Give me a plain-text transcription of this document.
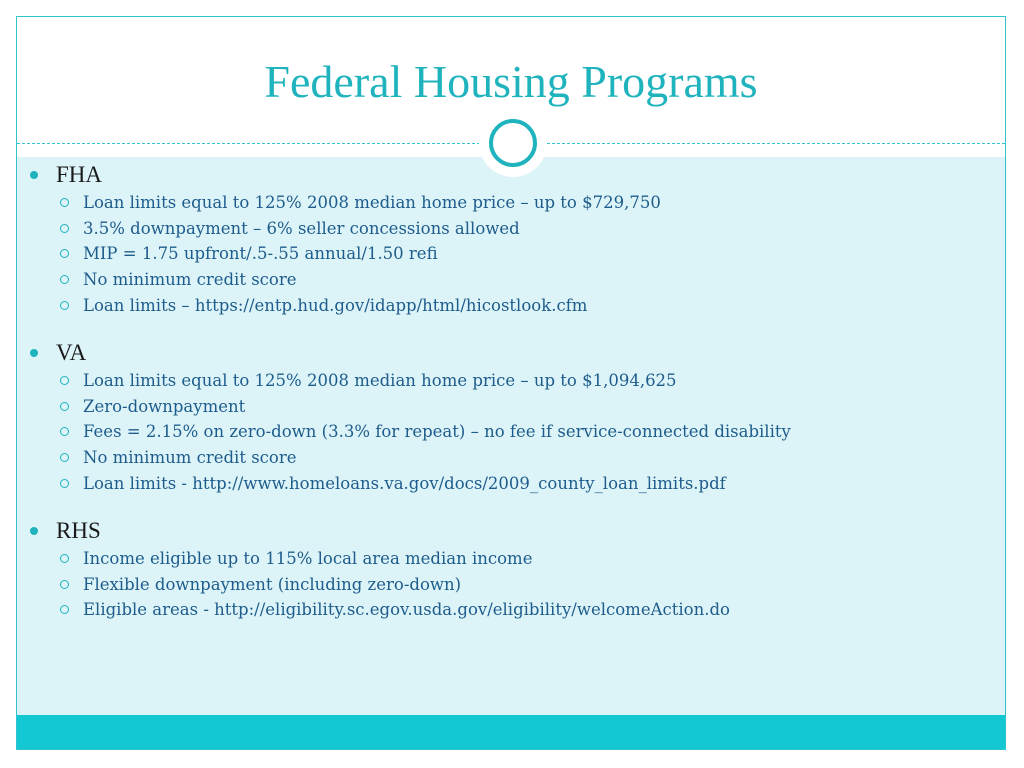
Federal Housing Programs
FHA
Loan limits equal to 125% 2008 median home price – up to $729,750
3.5% downpayment – 6% seller concessions allowed
MIP = 1.75 upfront/.5-.55 annual/1.50 refi
No minimum credit score
Loan limits – https://entp.hud.gov/idapp/html/hicostlook.cfm
VA
Loan limits equal to 125% 2008 median home price – up to $1,094,625
Zero-downpayment
Fees = 2.15% on zero-down (3.3% for repeat) – no fee if service-connected disability
No minimum credit score
Loan limits - http://www.homeloans.va.gov/docs/2009_county_loan_limits.pdf
RHS
Income eligible up to 115% local area median income
Flexible downpayment (including zero-down)
Eligible areas - http://eligibility.sc.egov.usda.gov/eligibility/welcomeAction.do
